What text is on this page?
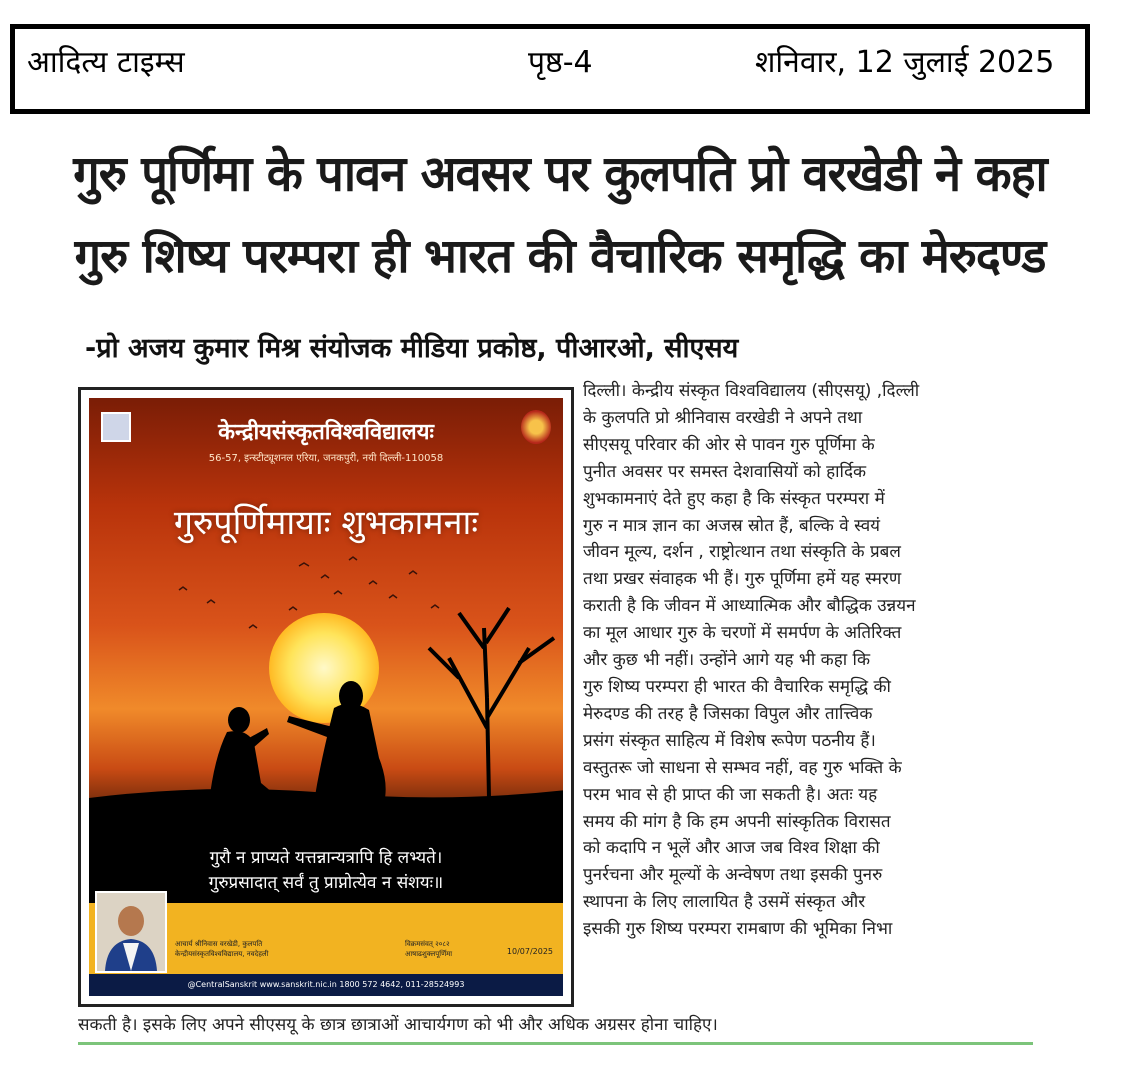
आदित्य टाइम्स	पृष्ठ-4	शनिवार, 12 जुलाई 2025
गुरु पूर्णिमा के पावन अवसर पर कुलपति प्रो वरखेडी ने कहा
गुरु शिष्य परम्परा ही भारत की वैचारिक समृद्धि का मेरुदण्ड
-प्रो अजय कुमार मिश्र संयोजक मीडिया प्रकोष्ठ, पीआरओ, सीएसय
केन्द्रीयसंस्कृतविश्वविद्यालयः
56-57, इन्स्टीट्यूशनल एरिया, जनकपुरी, नयी दिल्ली-110058
गुरुपूर्णिमायाः शुभकामनाः
गुरौ न प्राप्यते यत्तन्नान्यत्रापि हि लभ्यते।
गुरुप्रसादात् सर्वं तु प्राप्नोत्येव न संशयः॥
आचार्य श्रीनिवास वरखेडी, कुलपति
केन्द्रीयसंस्कृतविश्वविद्यालय, नवदेहली
विक्रमसंवत् २०८२
आषाढशुक्लपूर्णिमा	10/07/2025
@CentralSanskrit www.sanskrit.nic.in 1800 572 4642, 011-28524993
दिल्ली। केन्द्रीय संस्कृत विश्वविद्यालय (सीएसयू) ,दिल्ली
के कुलपति प्रो श्रीनिवास वरखेडी ने अपने तथा
सीएसयू परिवार की ओर से पावन गुरु पूर्णिमा के
पुनीत अवसर पर समस्त देशवासियों को हार्दिक
शुभकामनाएं देते हुए कहा है कि संस्कृत परम्परा में
गुरु न मात्र ज्ञान का अजस्र स्रोत हैं, बल्कि वे स्वयं
जीवन मूल्य, दर्शन , राष्ट्रोत्थान तथा संस्कृति के प्रबल
तथा प्रखर संवाहक भी हैं। गुरु पूर्णिमा हमें यह स्मरण
कराती है कि जीवन में आध्यात्मिक और बौद्धिक उन्नयन
का मूल आधार गुरु के चरणों में समर्पण के अतिरिक्त
और कुछ भी नहीं। उन्होंने आगे यह भी कहा कि
गुरु शिष्य परम्परा ही भारत की वैचारिक समृद्धि की
मेरुदण्ड की तरह है जिसका विपुल और तात्त्विक
प्रसंग संस्कृत साहित्य में विशेष रूपेण पठनीय हैं।
वस्तुतरू जो साधना से सम्भव नहीं, वह गुरु भक्ति के
परम भाव से ही प्राप्त की जा सकती है। अतः यह
समय की मांग है कि हम अपनी सांस्कृतिक विरासत
को कदापि न भूलें और आज जब विश्व शिक्षा की
पुनर्रचना और मूल्यों के अन्वेषण तथा इसकी पुनरु
स्थापना के लिए लालायित है उसमें संस्कृत और
इसकी गुरु शिष्य परम्परा रामबाण की भूमिका निभा
सकती है। इसके लिए अपने सीएसयू के छात्र छात्राओं आचार्यगण को भी और अधिक अग्रसर होना चाहिए।
